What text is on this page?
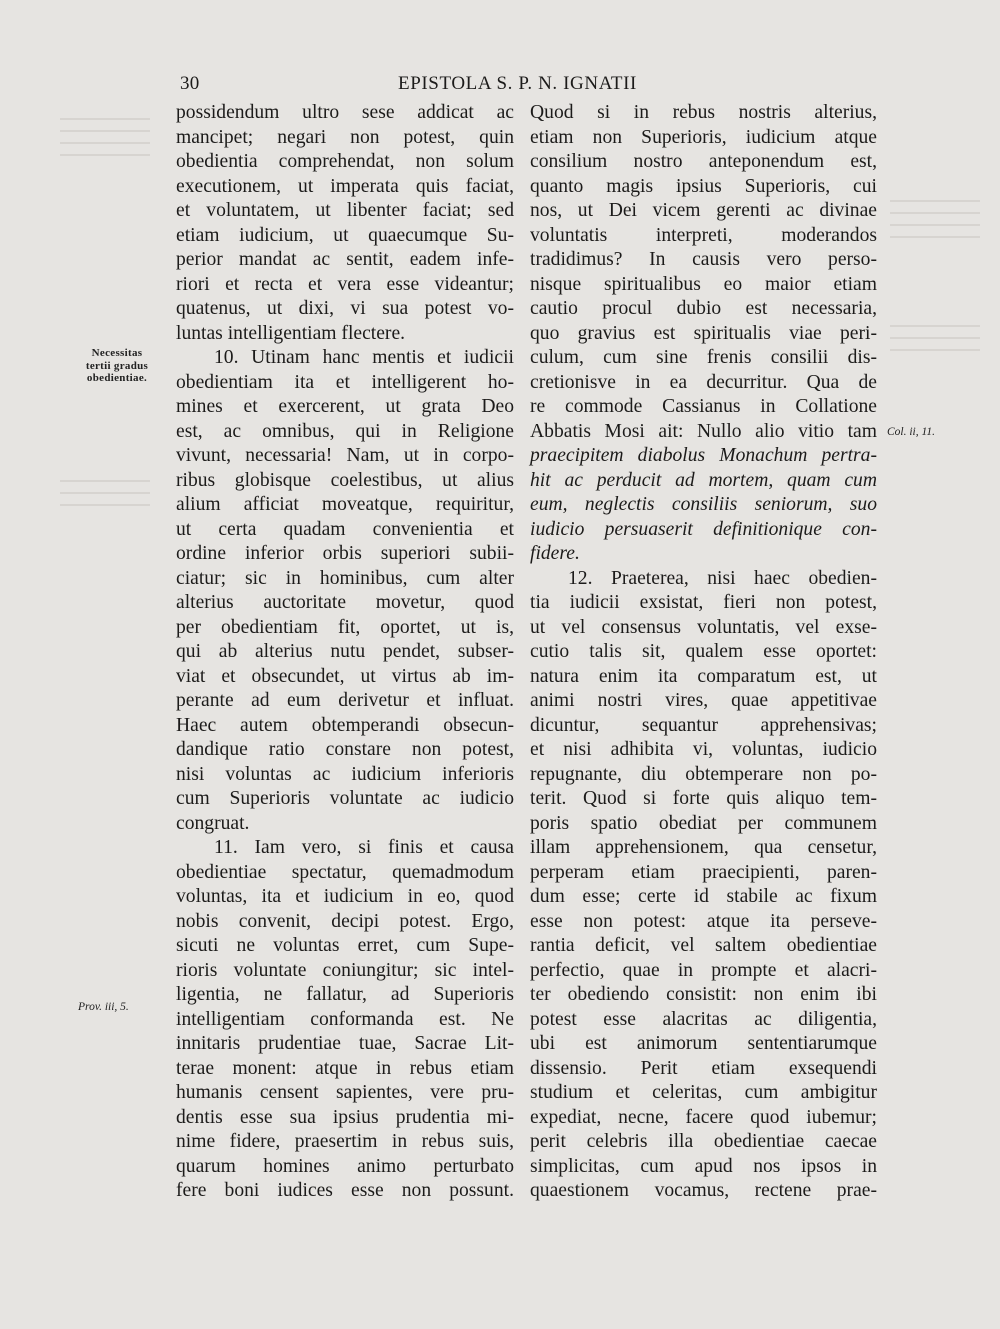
30	EPISTOLA S. P. N. IGNATII
Necessitas
tertii gradus
obedientiae.
Prov. iii, 5.
Col. ii, 11.
possidendum ultro sese addicat ac
mancipet; negari non potest, quin
obedientia comprehendat, non solum
executionem, ut imperata quis faciat,
et voluntatem, ut libenter faciat; sed
etiam iudicium, ut quaecumque Su-
perior mandat ac sentit, eadem infe-
riori et recta et vera esse videantur;
quatenus, ut dixi, vi sua potest vo-
luntas intelligentiam flectere.
10. Utinam hanc mentis et iudicii
obedientiam ita et intelligerent ho-
mines et exercerent, ut grata Deo
est, ac omnibus, qui in Religione
vivunt, necessaria! Nam, ut in corpo-
ribus globisque coelestibus, ut alius
alium afficiat moveatque, requiritur,
ut certa quadam convenientia et
ordine inferior orbis superiori subii-
ciatur; sic in hominibus, cum alter
alterius auctoritate movetur, quod
per obedientiam fit, oportet, ut is,
qui ab alterius nutu pendet, subser-
viat et obsecundet, ut virtus ab im-
perante ad eum derivetur et influat.
Haec autem obtemperandi obsecun-
dandique ratio constare non potest,
nisi voluntas ac iudicium inferioris
cum Superioris voluntate ac iudicio
congruat.
11. Iam vero, si finis et causa
obedientiae spectatur, quemadmodum
voluntas, ita et iudicium in eo, quod
nobis convenit, decipi potest. Ergo,
sicuti ne voluntas erret, cum Supe-
rioris voluntate coniungitur; sic intel-
ligentia, ne fallatur, ad Superioris
intelligentiam conformanda est. Ne
innitaris prudentiae tuae, Sacrae Lit-
terae monent: atque in rebus etiam
humanis censent sapientes, vere pru-
dentis esse sua ipsius prudentia mi-
nime fidere, praesertim in rebus suis,
quarum homines animo perturbato
fere boni iudices esse non possunt.
Quod si in rebus nostris alterius,
etiam non Superioris, iudicium atque
consilium nostro anteponendum est,
quanto magis ipsius Superioris, cui
nos, ut Dei vicem gerenti ac divinae
voluntatis interpreti, moderandos
tradidimus? In causis vero perso-
nisque spiritualibus eo maior etiam
cautio procul dubio est necessaria,
quo gravius est spiritualis viae peri-
culum, cum sine frenis consilii dis-
cretionisve in ea decurritur. Qua de
re commode Cassianus in Collatione
Abbatis Mosi ait: Nullo alio vitio tam
praecipitem diabolus Monachum pertra-
hit ac perducit ad mortem, quam cum
eum, neglectis consiliis seniorum, suo
iudicio persuaserit definitionique con-
fidere.
12. Praeterea, nisi haec obedien-
tia iudicii exsistat, fieri non potest,
ut vel consensus voluntatis, vel exse-
cutio talis sit, qualem esse oportet:
natura enim ita comparatum est, ut
animi nostri vires, quae appetitivae
dicuntur, sequantur apprehensivas;
et nisi adhibita vi, voluntas, iudicio
repugnante, diu obtemperare non po-
terit. Quod si forte quis aliquo tem-
poris spatio obediat per communem
illam apprehensionem, qua censetur,
perperam etiam praecipienti, paren-
dum esse; certe id stabile ac fixum
esse non potest: atque ita perseve-
rantia deficit, vel saltem obedientiae
perfectio, quae in prompte et alacri-
ter obediendo consistit: non enim ibi
potest esse alacritas ac diligentia,
ubi est animorum sententiarumque
dissensio. Perit etiam exsequendi
studium et celeritas, cum ambigitur
expediat, necne, facere quod iubemur;
perit celebris illa obedientiae caecae
simplicitas, cum apud nos ipsos in
quaestionem vocamus, rectene prae-
